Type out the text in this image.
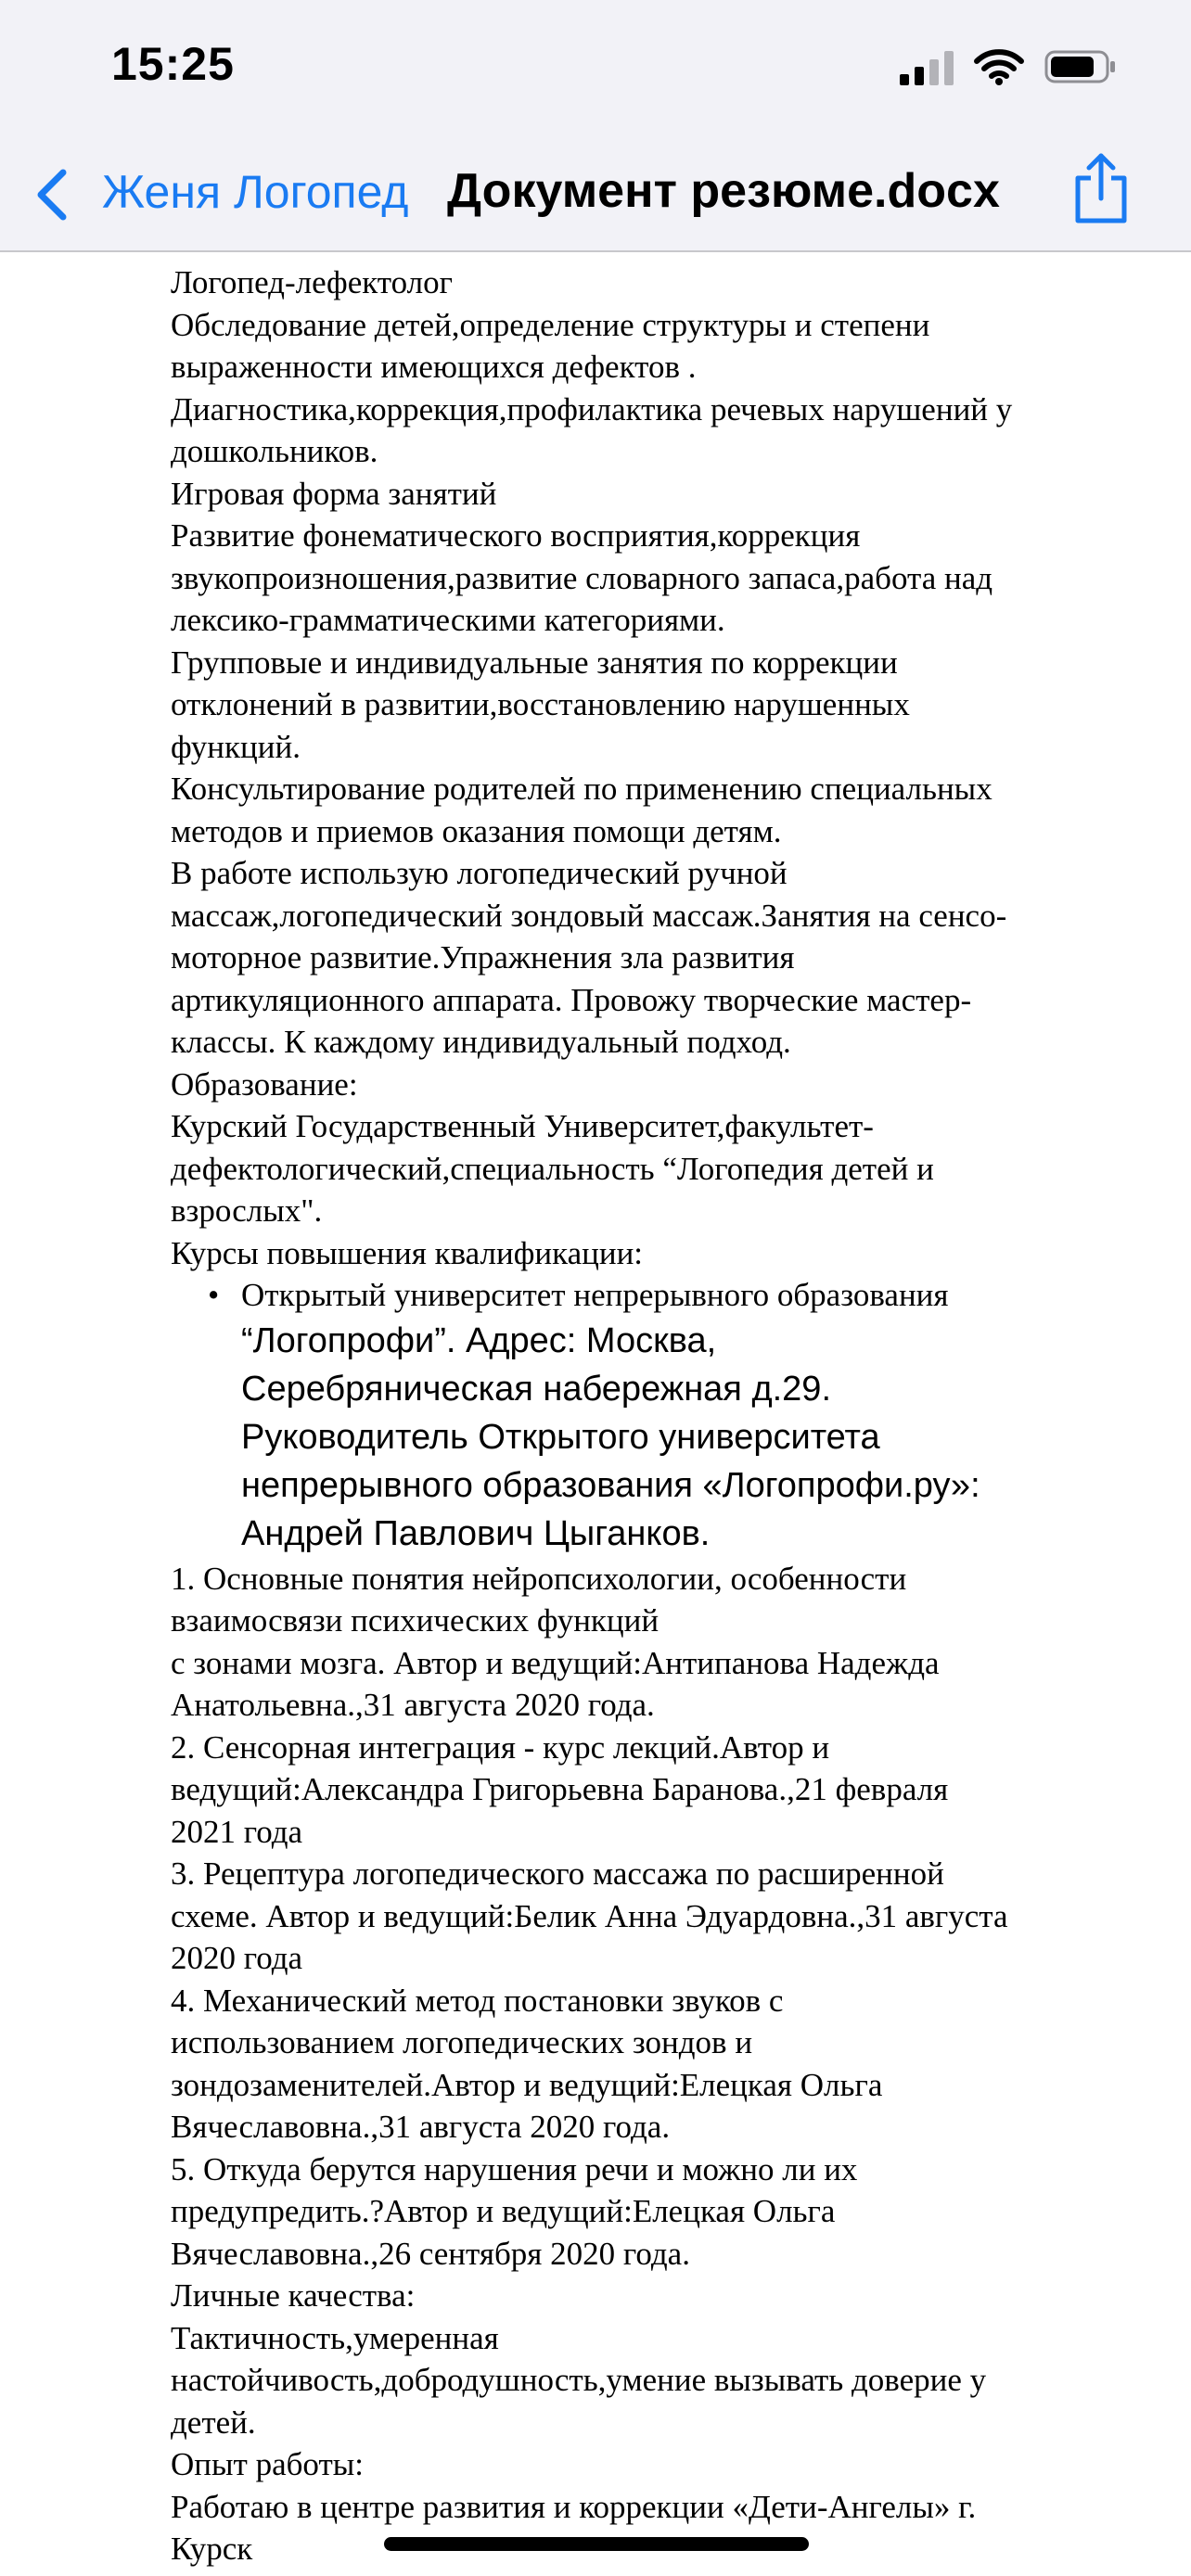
15:25
Женя Логопед Документ резюме.docx

Логопед-лефектолог

Обследование детей,определение структуры и степени
выраженности имеющихся дефектов .

Диагностика,коррекция,профилактика речевых нарушений у
дошкольников.

Игровая форма занятий

Развитие фонематического восприятия,коррекция
звукопроизношения,развитие словарного запаса,работа над
лексико-грамматическими категориями.

Групповые и индивидуальные занятия по коррекции
отклонений в развитии,восстановлению нарушенных
функций.

Консультирование родителей по применению специальных
методов и приемов оказания помощи детям.

В работе использую логопедический ручной
массаж,логопедический зондовый массаж.Занятия на сенсо-
моторное развитие.Упражнения зла развития
артикуляционного аппарата. Провожу творческие мастер-
классы. К каждому индивидуальный подход.

Образование:

Курский Государственный Университет,факультет-
дефектологический,специальность “Логопедия детей и
взрослых".

Курсы повышения квалификации:

• Открытый университет непрерывного образования
“Логопрофи”. Адрес: Москва,
Серебряническая набережная д.29.
Руководитель Открытого университета
непрерывного образования «Логопрофи.ру»:
Андрей Павлович Цыганков.

1. Основные понятия нейропсихологии, особенности
взаимосвязи психических функций
с зонами мозга. Автор и ведущий:Антипанова Надежда
Анатольевна.,31 августа 2020 года.

2. Сенсорная интеграция - курс лекций.Автор и
ведущий:Александра Григорьевна Баранова.,21 февраля
2021 года

3. Рецептура логопедического массажа по расширенной
схеме. Автор и ведущий:Белик Анна Эдуардовна.,31 августа
2020 года

4. Механический метод постановки звуков с
использованием логопедических зондов и
зондозаменителей.Автор и ведущий:Елецкая Ольга
Вячеславовна.,31 августа 2020 года.

5. Откуда берутся нарушения речи и можно ли их
предупредить.?Автор и ведущий:Елецкая Ольга
Вячеславовна.,26 сентября 2020 года.

Личные качества:

Тактичность,умеренная
настойчивость,добродушность,умение вызывать доверие у
детей.

Опыт работы:

Работаю в центре развития и коррекции «Дети-Ангелы» г.
Курск
